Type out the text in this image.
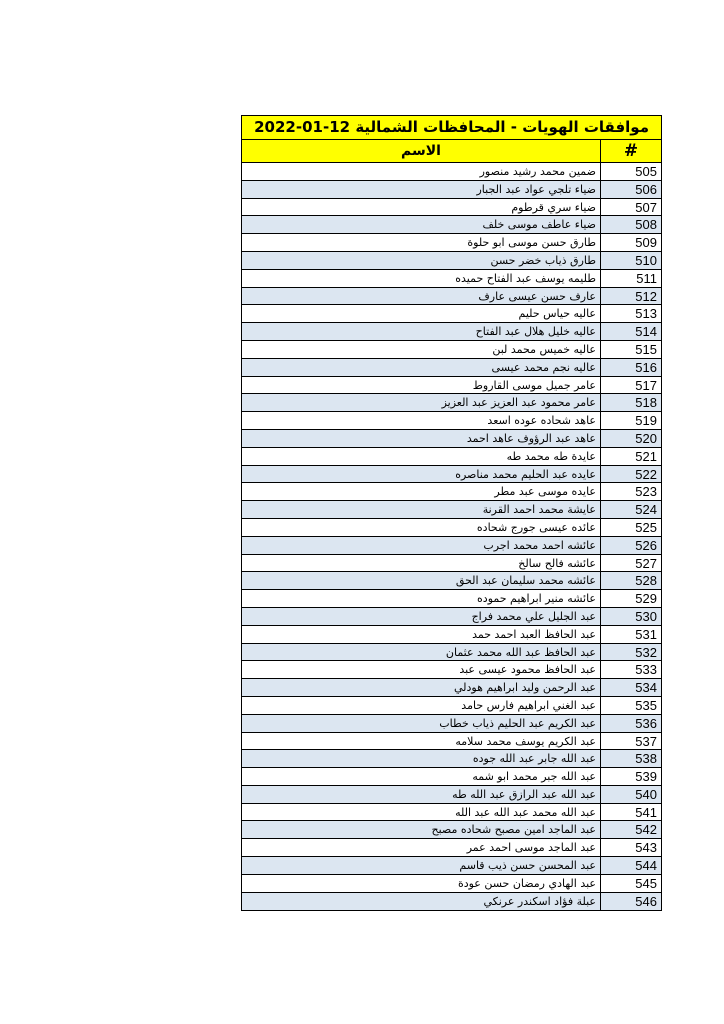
موافقات الهويات - المحافظات الشمالية 12-01-2022
الاسم	#
ضمين محمد رشيد منصور	505
ضياء تلجي عواد عبد الجبار	506
ضياء سري قرطوم	507
ضياء عاطف موسى خلف	508
طارق حسن موسى ابو حلوة	509
طارق ذياب خضر حسن	510
طليمه يوسف عبد الفتاح حميده	511
عارف حسن عيسى عارف	512
عاليه حياس حليم	513
عاليه خليل هلال عبد الفتاح	514
عاليه خميس محمد لبن	515
عاليه نجم محمد عيسى	516
عامر جميل موسى القاروط	517
عامر محمود عبد العزيز عبد العزيز	518
عاهد شحاده عوده اسعد	519
عاهد عبد الرؤوف عاهد احمد	520
عايدة طه محمد طه	521
عايده عبد الحليم محمد مناصره	522
عايده موسى عبد مطر	523
عايشة محمد احمد القرنة	524
عائده عيسى جورج شحاده	525
عائشه احمد محمد اجرب	526
عائشه فالح سالخ	527
عائشه محمد سليمان عبد الحق	528
عائشه منير ابراهيم حموده	529
عبد الجليل علي محمد فراج	530
عبد الحافظ العبد احمد حمد	531
عبد الحافظ عبد الله محمد عثمان	532
عبد الحافظ محمود عيسى عبد	533
عبد الرحمن وليد ابراهيم هودلي	534
عبد الغني ابراهيم فارس حامد	535
عبد الكريم عبد الحليم ذياب خطاب	536
عبد الكريم يوسف محمد سلامه	537
عبد الله جابر عبد الله جوده	538
عبد الله جبر محمد ابو شمه	539
عبد الله عبد الرازق عبد الله طه	540
عبد الله محمد عبد الله عبد الله	541
عبد الماجد امين مصبح شحاده مصبح	542
عبد الماجد موسى احمد عمر	543
عبد المحسن حسن ذيب قاسم	544
عبد الهادي رمضان حسن عودة	545
عبلة فؤاد اسكندر عرنكي	546
